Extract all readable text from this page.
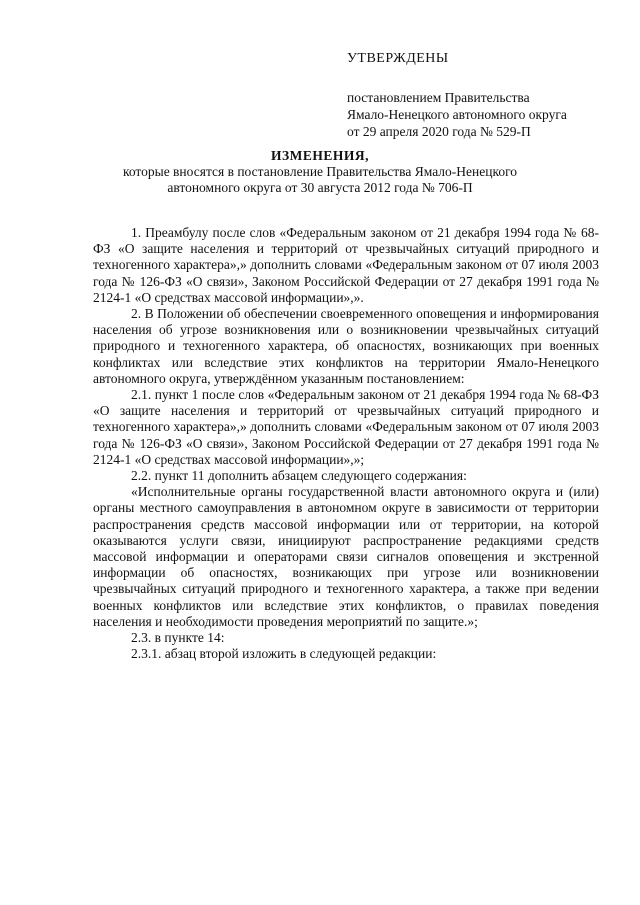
УТВЕРЖДЕНЫ
постановлением Правительства
Ямало-Ненецкого автономного округа
от 29 апреля 2020 года № 529-П
ИЗМЕНЕНИЯ,
которые вносятся в постановление Правительства Ямало-Ненецкого
автономного округа от 30 августа 2012 года № 706-П

1. Преамбулу после слов «Федеральным законом от 21 декабря 1994 года № 68-ФЗ «О защите населения и территорий от чрезвычайных ситуаций природного и техногенного характера»,» дополнить словами «Федеральным законом от 07 июля 2003 года № 126-ФЗ «О связи», Законом Российской Федерации от 27 декабря 1991 года № 2124-1 «О средствах массовой информации»,».

2. В Положении об обеспечении своевременного оповещения и информирования населения об угрозе возникновения или о возникновении чрезвычайных ситуаций природного и техногенного характера, об опасностях, возникающих при военных конфликтах или вследствие этих конфликтов на территории Ямало-Ненецкого автономного округа, утверждённом указанным постановлением:

2.1. пункт 1 после слов «Федеральным законом от 21 декабря 1994 года № 68-ФЗ «О защите населения и территорий от чрезвычайных ситуаций природного и техногенного характера»,» дополнить словами «Федеральным законом от 07 июля 2003 года № 126-ФЗ «О связи», Законом Российской Федерации от 27 декабря 1991 года № 2124-1 «О средствах массовой информации»,»;

2.2. пункт 11 дополнить абзацем следующего содержания:

«Исполнительные органы государственной власти автономного округа и (или) органы местного самоуправления в автономном округе в зависимости от территории распространения средств массовой информации или от территории, на которой оказываются услуги связи, инициируют распространение редакциями средств массовой информации и операторами связи сигналов оповещения и экстренной информации об опасностях, возникающих при угрозе или возникновении чрезвычайных ситуаций природного и техногенного характера, а также при ведении военных конфликтов или вследствие этих конфликтов, о правилах поведения населения и необходимости проведения мероприятий по защите.»;

2.3. в пункте 14:

2.3.1. абзац второй изложить в следующей редакции:
